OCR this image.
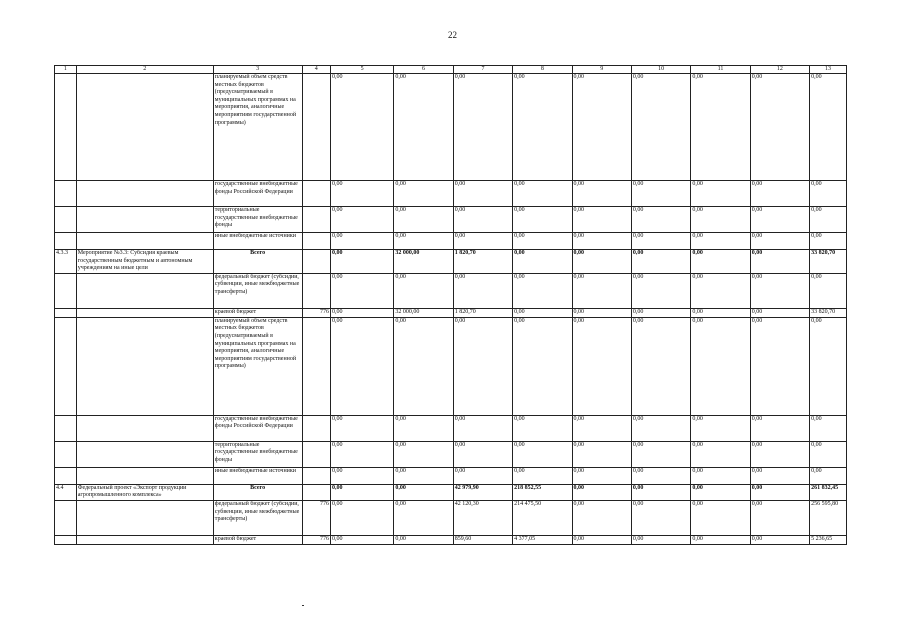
22
1	2	3	4	5	6	7	8	9	10	11	12	13
		планируемый объем средств местных бюджетов (предусматриваемый в муниципальных программах на мероприятия, аналогичные мероприятиям государственной программы)		0,00	0,00	0,00	0,00	0,00	0,00	0,00	0,00	0,00
		государственные внебюджетные фонды Российской Федерации		0,00	0,00	0,00	0,00	0,00	0,00	0,00	0,00	0,00
		территориальные государственные внебюджетные фонды		0,00	0,00	0,00	0,00	0,00	0,00	0,00	0,00	0,00
		иные внебюджетные источники		0,00	0,00	0,00	0,00	0,00	0,00	0,00	0,00	0,00
4.3.3	Мероприятие №3.3: Субсидия краевым государственным бюджетным и автономным учреждениям на иные цели	Всего		0,00	32 000,00	1 820,70	0,00	0,00	0,00	0,00	0,00	33 820,70
		федеральный бюджет (субсидии, субвенции, иные межбюджетные трансферты)		0,00	0,00	0,00	0,00	0,00	0,00	0,00	0,00	0,00
		краевой бюджет	776	0,00	32 000,00	1 820,70	0,00	0,00	0,00	0,00	0,00	33 820,70
		планируемый объем средств местных бюджетов (предусматриваемый в муниципальных программах на мероприятия, аналогичные мероприятиям государственной программы)		0,00	0,00	0,00	0,00	0,00	0,00	0,00	0,00	0,00
		государственные внебюджетные фонды Российской Федерации		0,00	0,00	0,00	0,00	0,00	0,00	0,00	0,00	0,00
		территориальные государственные внебюджетные фонды		0,00	0,00	0,00	0,00	0,00	0,00	0,00	0,00	0,00
		иные внебюджетные источники		0,00	0,00	0,00	0,00	0,00	0,00	0,00	0,00	0,00
4.4	Федеральный проект «Экспорт продукции агропромышленного комплекса»	Всего		0,00	0,00	42 979,90	218 852,55	0,00	0,00	0,00	0,00	261 832,45
		федеральный бюджет (субсидии, субвенции, иные межбюджетные трансферты)	776	0,00	0,00	42 120,30	214 475,50	0,00	0,00	0,00	0,00	256 595,80
		краевой бюджет	776	0,00	0,00	859,60	4 377,05	0,00	0,00	0,00	0,00	5 236,65
